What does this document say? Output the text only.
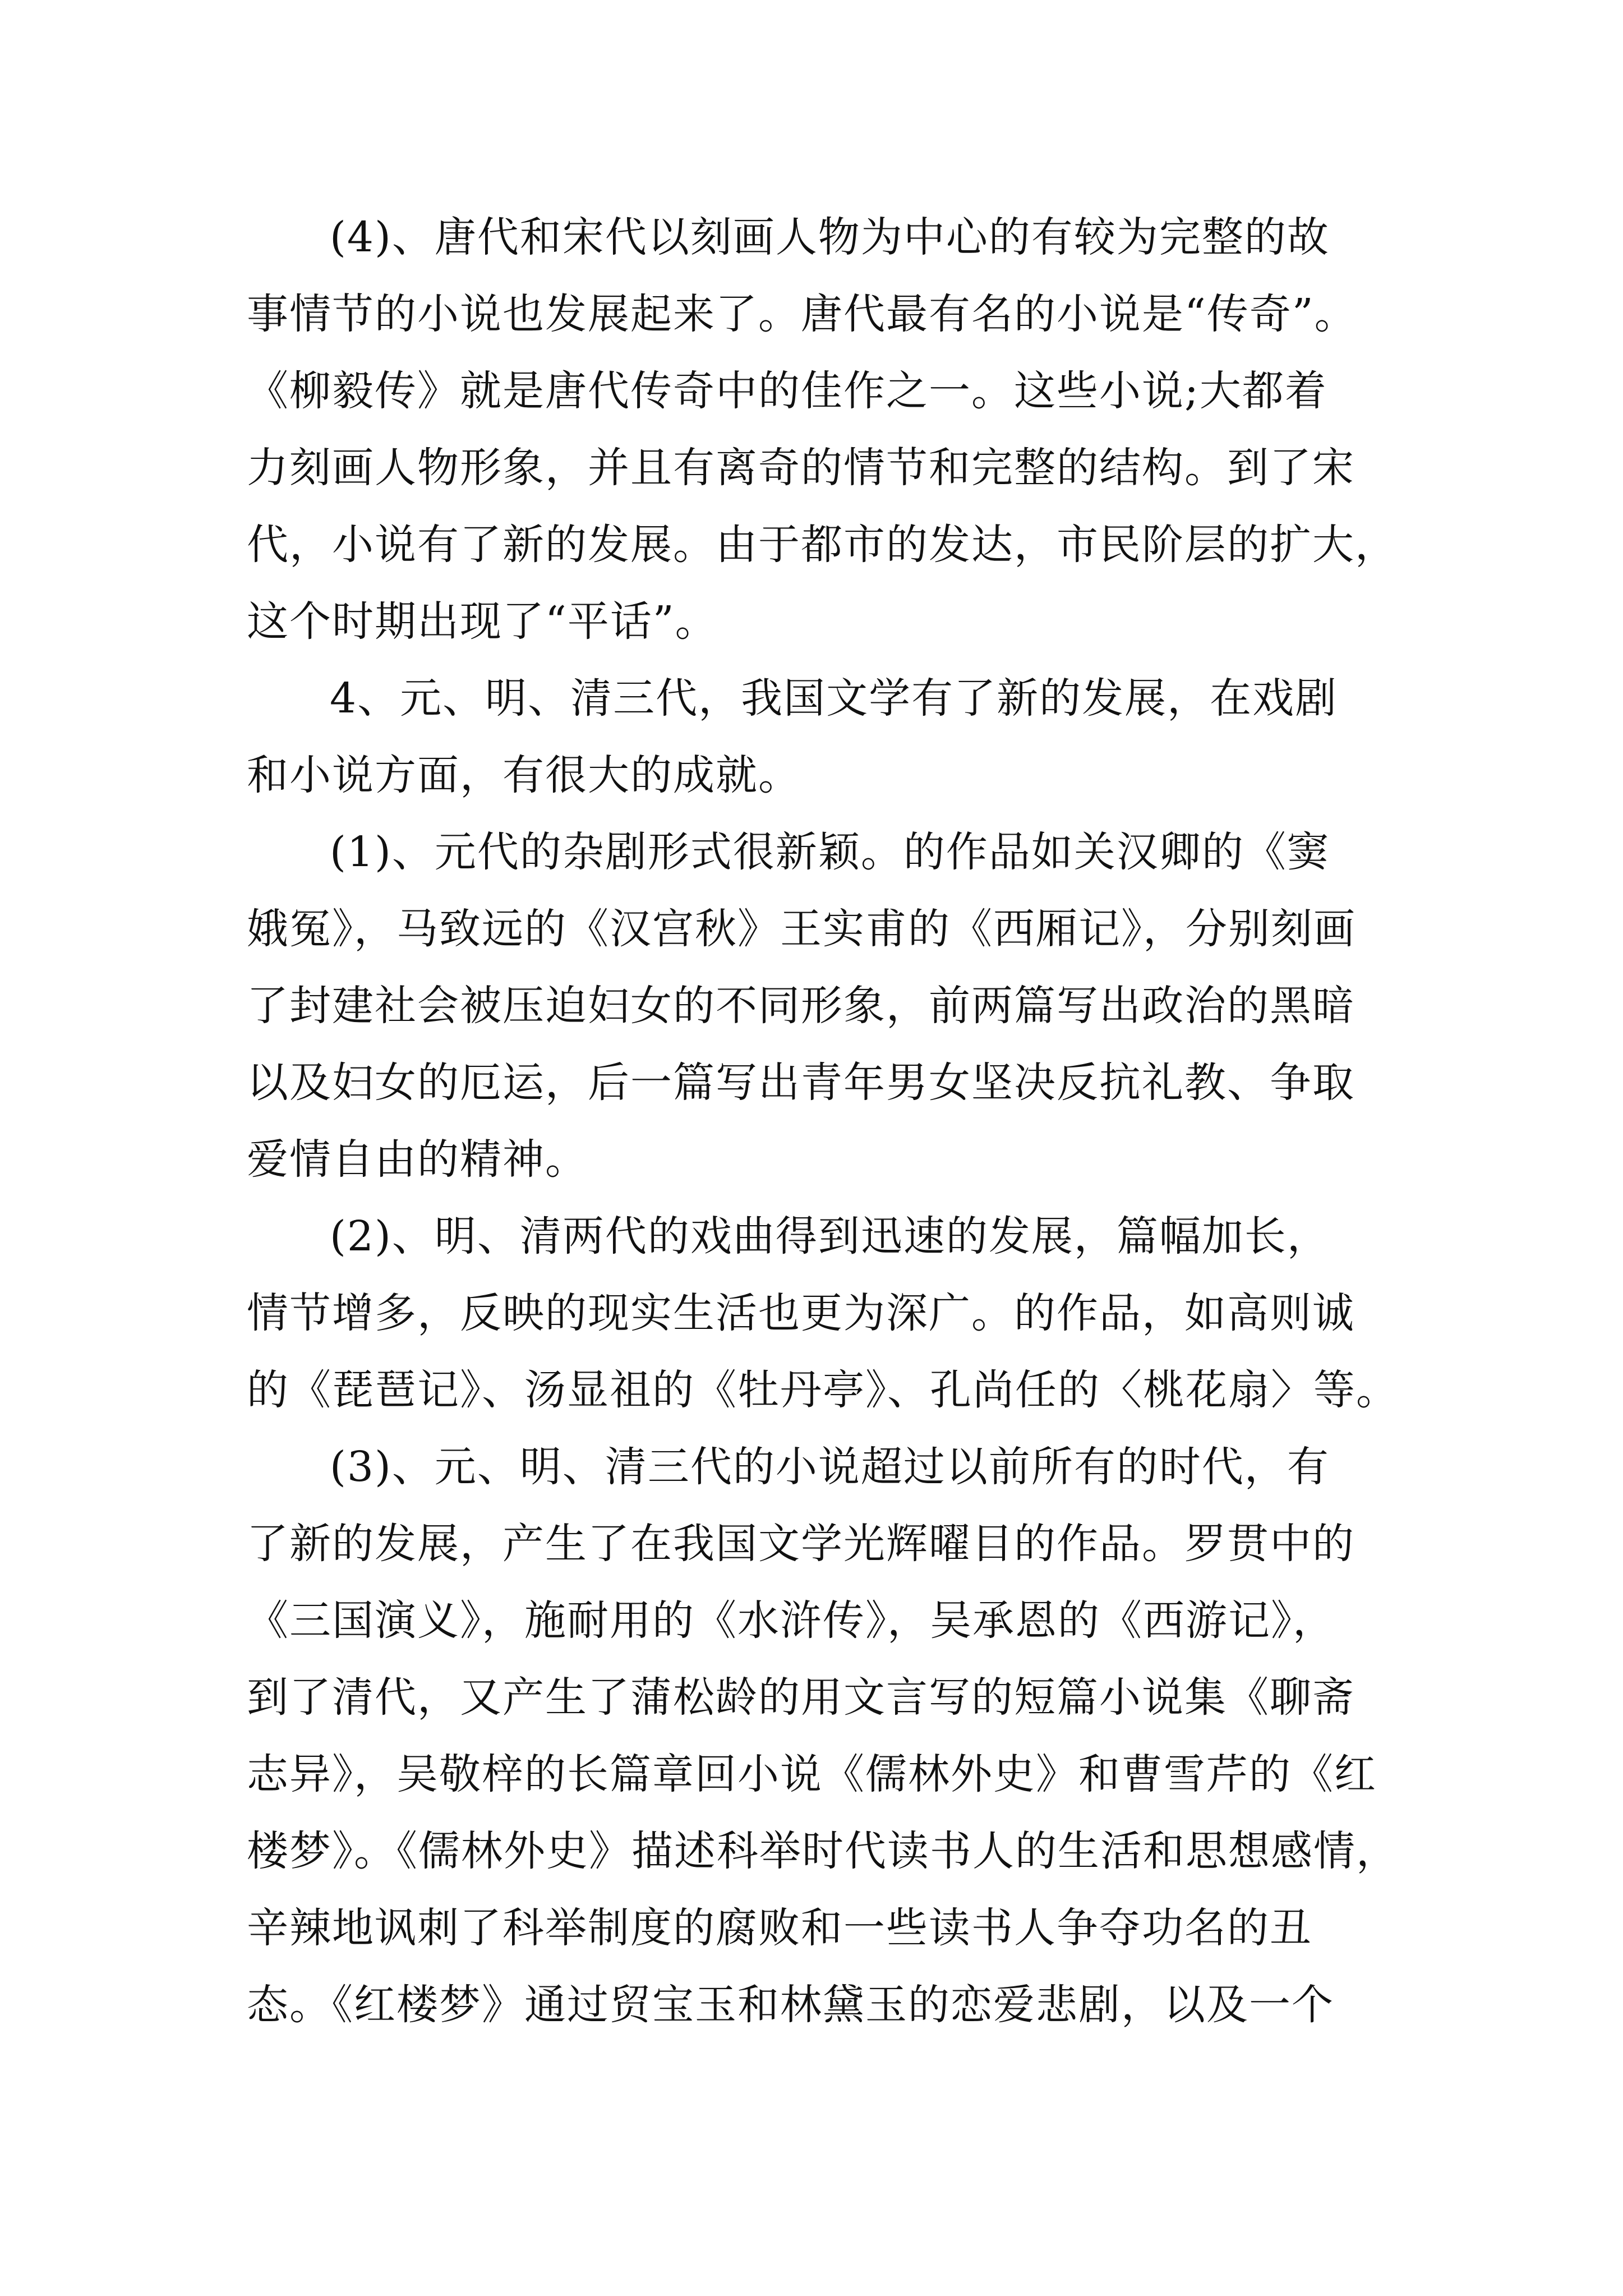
(4)、唐代和宋代以刻画人物为中心的有较为完整的故
事情节的小说也发展起来了。唐代最有名的小说是“传奇”。
《柳毅传》就是唐代传奇中的佳作之一。这些小说;大都着
力刻画人物形象，并且有离奇的情节和完整的结构。到了宋
代，小说有了新的发展。由于都市的发达，市民阶层的扩大，
这个时期出现了“平话”。

4、元、明、清三代，我国文学有了新的发展，在戏剧
和小说方面，有很大的成就。

(1)、元代的杂剧形式很新颖。的作品如关汉卿的《窦
娥冤》，马致远的《汉宫秋》王实甫的《西厢记》，分别刻画
了封建社会被压迫妇女的不同形象，前两篇写出政治的黑暗
以及妇女的厄运，后一篇写出青年男女坚决反抗礼教、争取
爱情自由的精神。

(2)、明、清两代的戏曲得到迅速的发展，篇幅加长，
情节增多，反映的现实生活也更为深广。的作品，如高则诚
的《琵琶记》、汤显祖的《牡丹亭》、孔尚任的〈桃花扇〉等。

(3)、元、明、清三代的小说超过以前所有的时代，有
了新的发展，产生了在我国文学光辉曜目的作品。罗贯中的
《三国演义》，施耐用的《水浒传》，吴承恩的《西游记》，
到了清代，又产生了蒲松龄的用文言写的短篇小说集《聊斋
志异》，吴敬梓的长篇章回小说《儒林外史》和曹雪芹的《红
楼梦》。《儒林外史》描述科举时代读书人的生活和思想感情，
辛辣地讽刺了科举制度的腐败和一些读书人争夺功名的丑
态。《红楼梦》通过贸宝玉和林黛玉的恋爱悲剧，以及一个
